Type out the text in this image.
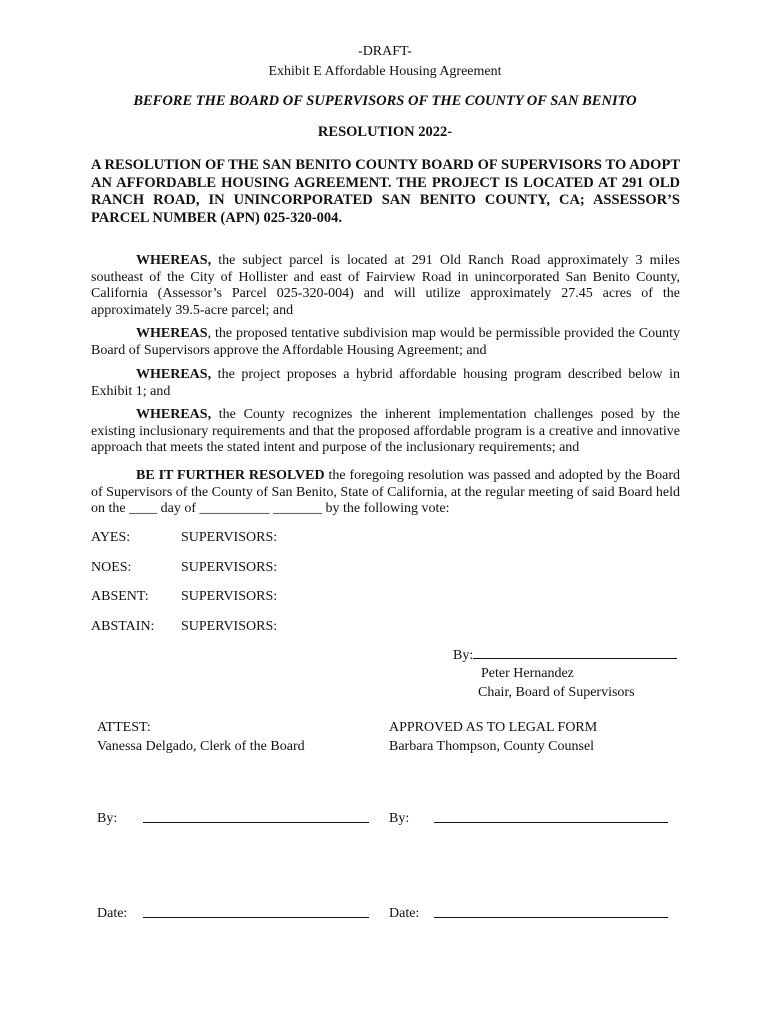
-DRAFT-
Exhibit E Affordable Housing Agreement
BEFORE THE BOARD OF SUPERVISORS OF THE COUNTY OF SAN BENITO
RESOLUTION 2022-
A RESOLUTION OF THE SAN BENITO COUNTY BOARD OF SUPERVISORS TO ADOPT AN AFFORDABLE HOUSING AGREEMENT. THE PROJECT IS LOCATED AT 291 OLD RANCH ROAD, IN UNINCORPORATED SAN BENITO COUNTY, CA; ASSESSOR’S PARCEL NUMBER (APN) 025-320-004.
WHEREAS, the subject parcel is located at 291 Old Ranch Road approximately 3 miles southeast of the City of Hollister and east of Fairview Road in unincorporated San Benito County, California (Assessor’s Parcel 025-320-004) and will utilize approximately 27.45 acres of the approximately 39.5-acre parcel; and
WHEREAS, the proposed tentative subdivision map would be permissible provided the County Board of Supervisors approve the Affordable Housing Agreement; and
WHEREAS, the project proposes a hybrid affordable housing program described below in Exhibit 1; and
WHEREAS, the County recognizes the inherent implementation challenges posed by the existing inclusionary requirements and that the proposed affordable program is a creative and innovative approach that meets the stated intent and purpose of the inclusionary requirements; and
BE IT FURTHER RESOLVED the foregoing resolution was passed and adopted by the Board of Supervisors of the County of San Benito, State of California, at the regular meeting of said Board held on the ____ day of __________ _______ by the following vote:
AYES:	SUPERVISORS:
NOES:	SUPERVISORS:
ABSENT: SUPERVISORS:
ABSTAIN: SUPERVISORS:
By:
Peter Hernandez
Chair, Board of Supervisors
ATTEST:
Vanessa Delgado, Clerk of the Board
By:
Date:
APPROVED AS TO LEGAL FORM
Barbara Thompson, County Counsel
By:
Date:
